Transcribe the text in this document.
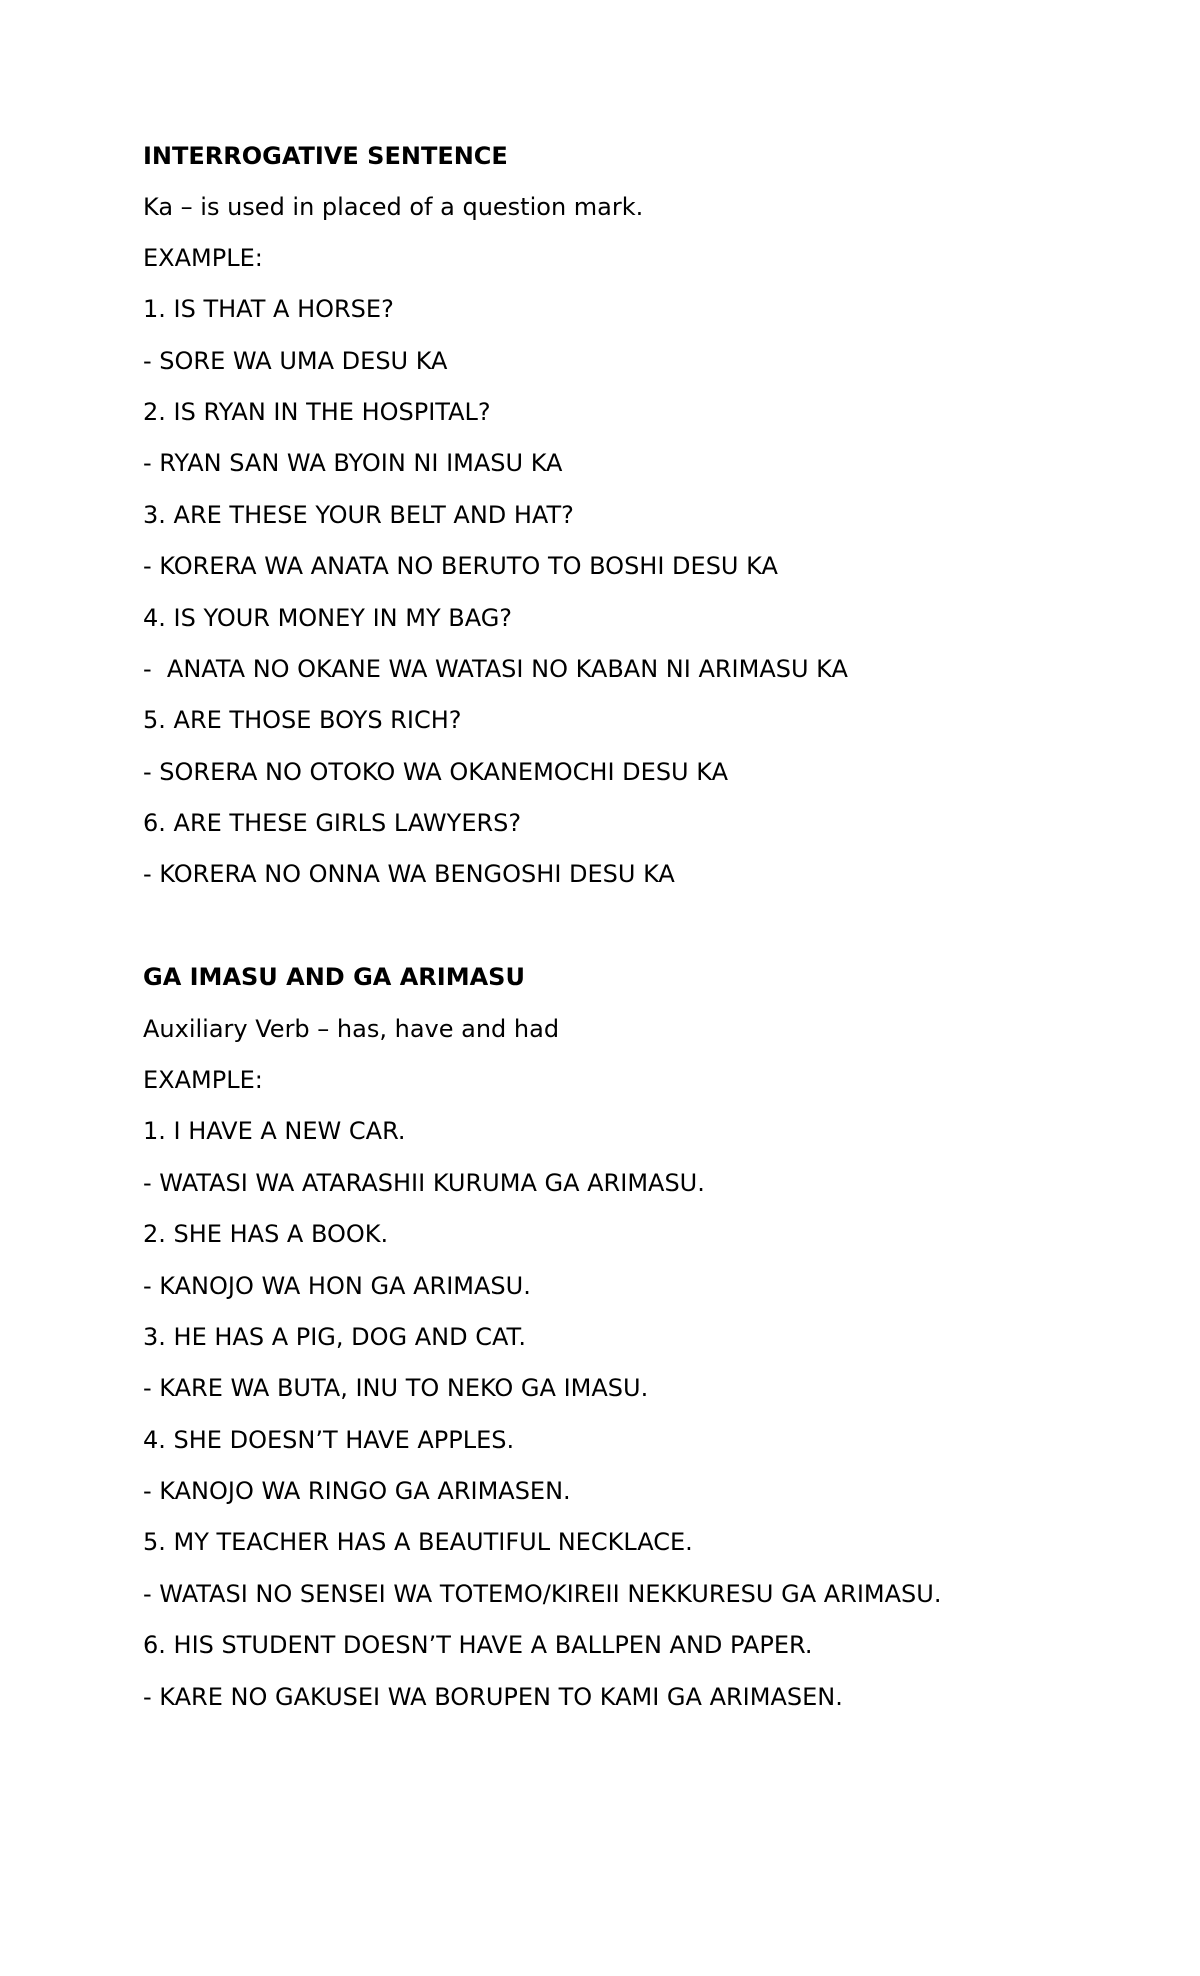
INTERROGATIVE SENTENCE

Ka – is used in placed of a question mark.

EXAMPLE:

1. IS THAT A HORSE?

- SORE WA UMA DESU KA

2. IS RYAN IN THE HOSPITAL?

- RYAN SAN WA BYOIN NI IMASU KA

3. ARE THESE YOUR BELT AND HAT?

- KORERA WA ANATA NO BERUTO TO BOSHI DESU KA

4. IS YOUR MONEY IN MY BAG?

-  ANATA NO OKANE WA WATASI NO KABAN NI ARIMASU KA

5. ARE THOSE BOYS RICH?

- SORERA NO OTOKO WA OKANEMOCHI DESU KA

6. ARE THESE GIRLS LAWYERS?

- KORERA NO ONNA WA BENGOSHI DESU KA

GA IMASU AND GA ARIMASU

Auxiliary Verb – has, have and had

EXAMPLE:

1. I HAVE A NEW CAR.

- WATASI WA ATARASHII KURUMA GA ARIMASU.

2. SHE HAS A BOOK.

- KANOJO WA HON GA ARIMASU.

3. HE HAS A PIG, DOG AND CAT.

- KARE WA BUTA, INU TO NEKO GA IMASU.

4. SHE DOESN’T HAVE APPLES.

- KANOJO WA RINGO GA ARIMASEN.

5. MY TEACHER HAS A BEAUTIFUL NECKLACE.

- WATASI NO SENSEI WA TOTEMO/KIREII NEKKURESU GA ARIMASU.

6. HIS STUDENT DOESN’T HAVE A BALLPEN AND PAPER.

- KARE NO GAKUSEI WA BORUPEN TO KAMI GA ARIMASEN.
